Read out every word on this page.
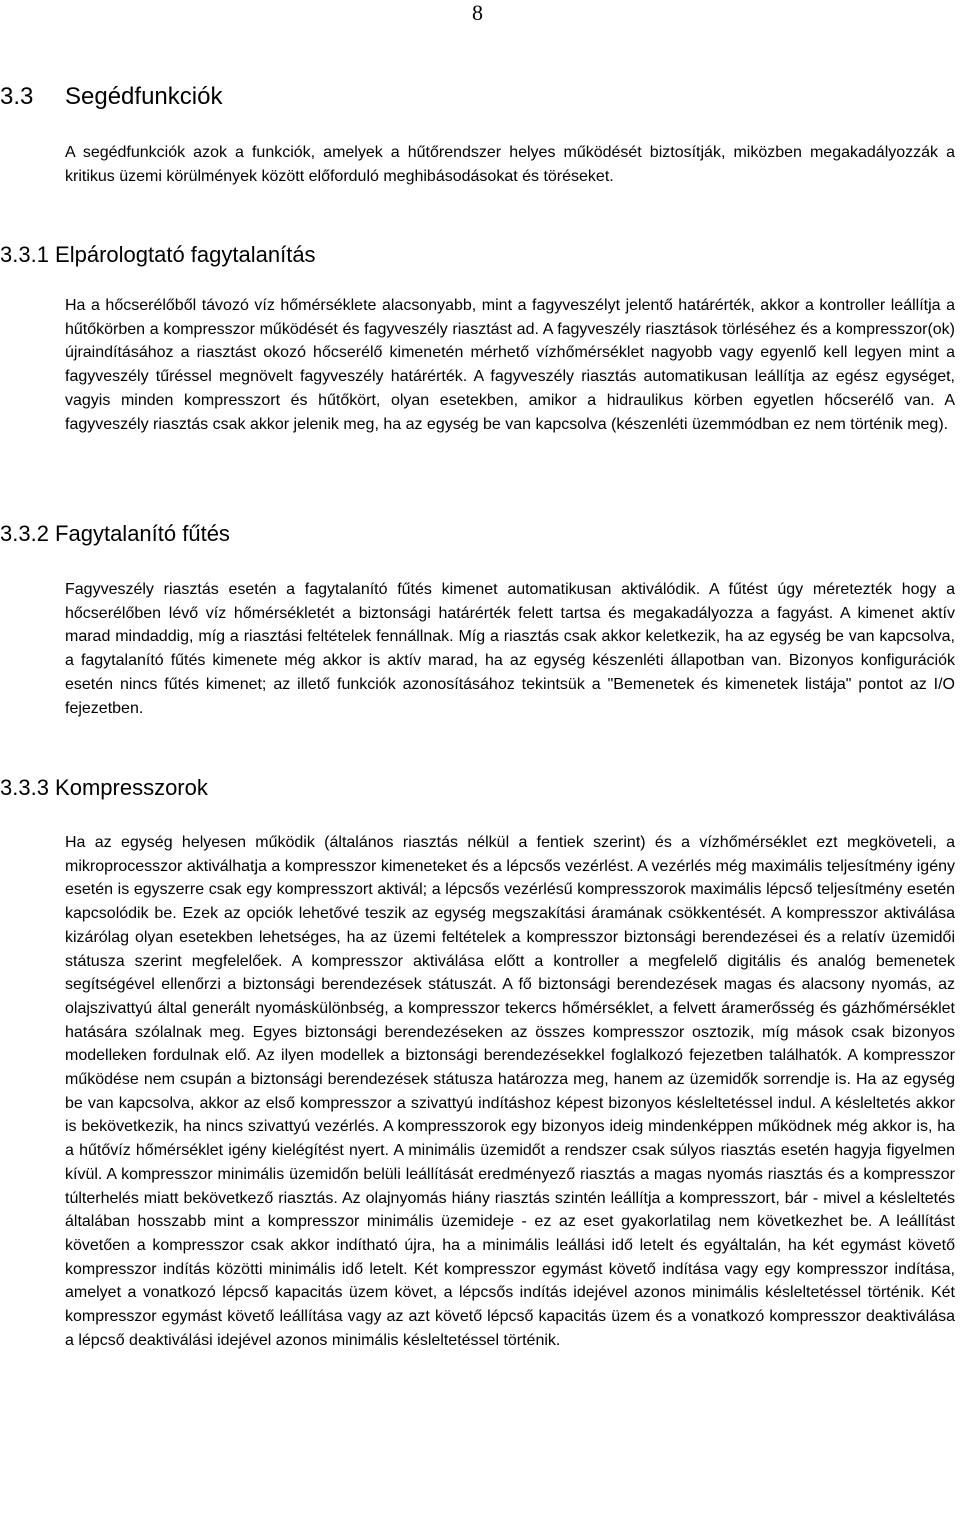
8
3.3 Segédfunkciók

A segédfunkciók azok a funkciók, amelyek a hűtőrendszer helyes működését biztosítják, miközben megakadályozzák a kritikus üzemi körülmények között előforduló meghibásodásokat és töréseket.

3.3.1 Elpárologtató fagytalanítás

Ha a hőcserélőből távozó víz hőmérséklete alacsonyabb, mint a fagyveszélyt jelentő határérték, akkor a kontroller leállítja a hűtőkörben a kompresszor működését és fagyveszély riasztást ad. A fagyveszély riasztások törléséhez és a kompresszor(ok) újraindításához a riasztást okozó hőcserélő kimenetén mérhető vízhőmérséklet nagyobb vagy egyenlő kell legyen mint a fagyveszély tűréssel megnövelt fagyveszély határérték. A fagyveszély riasztás automatikusan leállítja az egész egységet, vagyis minden kompresszort és hűtőkört, olyan esetekben, amikor a hidraulikus körben egyetlen hőcserélő van. A fagyveszély riasztás csak akkor jelenik meg, ha az egység be van kapcsolva (készenléti üzemmódban ez nem történik meg).

3.3.2 Fagytalanító fűtés

Fagyveszély riasztás esetén a fagytalanító fűtés kimenet automatikusan aktiválódik. A fűtést úgy méretezték hogy a hőcserélőben lévő víz hőmérsékletét a biztonsági határérték felett tartsa és megakadályozza a fagyást. A kimenet aktív marad mindaddig, míg a riasztási feltételek fennállnak. Míg a riasztás csak akkor keletkezik, ha az egység be van kapcsolva, a fagytalanító fűtés kimenete még akkor is aktív marad, ha az egység készenléti állapotban van. Bizonyos konfigurációk esetén nincs fűtés kimenet; az illető funkciók azonosításához tekintsük a "Bemenetek és kimenetek listája" pontot az I/O fejezetben.

3.3.3 Kompresszorok

Ha az egység helyesen működik (általános riasztás nélkül a fentiek szerint) és a vízhőmérséklet ezt megköveteli, a mikroprocesszor aktiválhatja a kompresszor kimeneteket és a lépcsős vezérlést. A vezérlés még maximális teljesítmény igény esetén is egyszerre csak egy kompresszort aktivál; a lépcsős vezérlésű kompresszorok maximális lépcső teljesítmény esetén kapcsolódik be. Ezek az opciók lehetővé teszik az egység megszakítási áramának csökkentését. A kompresszor aktiválása kizárólag olyan esetekben lehetséges, ha az üzemi feltételek a kompresszor biztonsági berendezései és a relatív üzemidői státusza szerint megfelelőek. A kompresszor aktiválása előtt a kontroller a megfelelő digitális és analóg bemenetek segítségével ellenőrzi a biztonsági berendezések státuszát. A fő biztonsági berendezések magas és alacsony nyomás, az olajszivattyú által generált nyomáskülönbség, a kompresszor tekercs hőmérséklet, a felvett áramerősség és gázhőmérséklet hatására szólalnak meg. Egyes biztonsági berendezéseken az összes kompresszor osztozik, míg mások csak bizonyos modelleken fordulnak elő. Az ilyen modellek a biztonsági berendezésekkel foglalkozó fejezetben találhatók. A kompresszor működése nem csupán a biztonsági berendezések státusza határozza meg, hanem az üzemidők sorrendje is. Ha az egység be van kapcsolva, akkor az első kompresszor a szivattyú indításhoz képest bizonyos késleltetéssel indul. A késleltetés akkor is bekövetkezik, ha nincs szivattyú vezérlés. A kompresszorok egy bizonyos ideig mindenképpen működnek még akkor is, ha a hűtővíz hőmérséklet igény kielégítést nyert. A minimális üzemidőt a rendszer csak súlyos riasztás esetén hagyja figyelmen kívül. A kompresszor minimális üzemidőn belüli leállítását eredményező riasztás a magas nyomás riasztás és a kompresszor túlterhelés miatt bekövetkező riasztás. Az olajnyomás hiány riasztás szintén leállítja a kompresszort, bár - mivel a késleltetés általában hosszabb mint a kompresszor minimális üzemideje - ez az eset gyakorlatilag nem következhet be. A leállítást követően a kompresszor csak akkor indítható újra, ha a minimális leállási idő letelt és egyáltalán, ha két egymást követő kompresszor indítás közötti minimális idő letelt. Két kompresszor egymást követő indítása vagy egy kompresszor indítása, amelyet a vonatkozó lépcső kapacitás üzem követ, a lépcsős indítás idejével azonos minimális késleltetéssel történik. Két kompresszor egymást követő leállítása vagy az azt követő lépcső kapacitás üzem és a vonatkozó kompresszor deaktiválása a lépcső deaktiválási idejével azonos minimális késleltetéssel történik.
